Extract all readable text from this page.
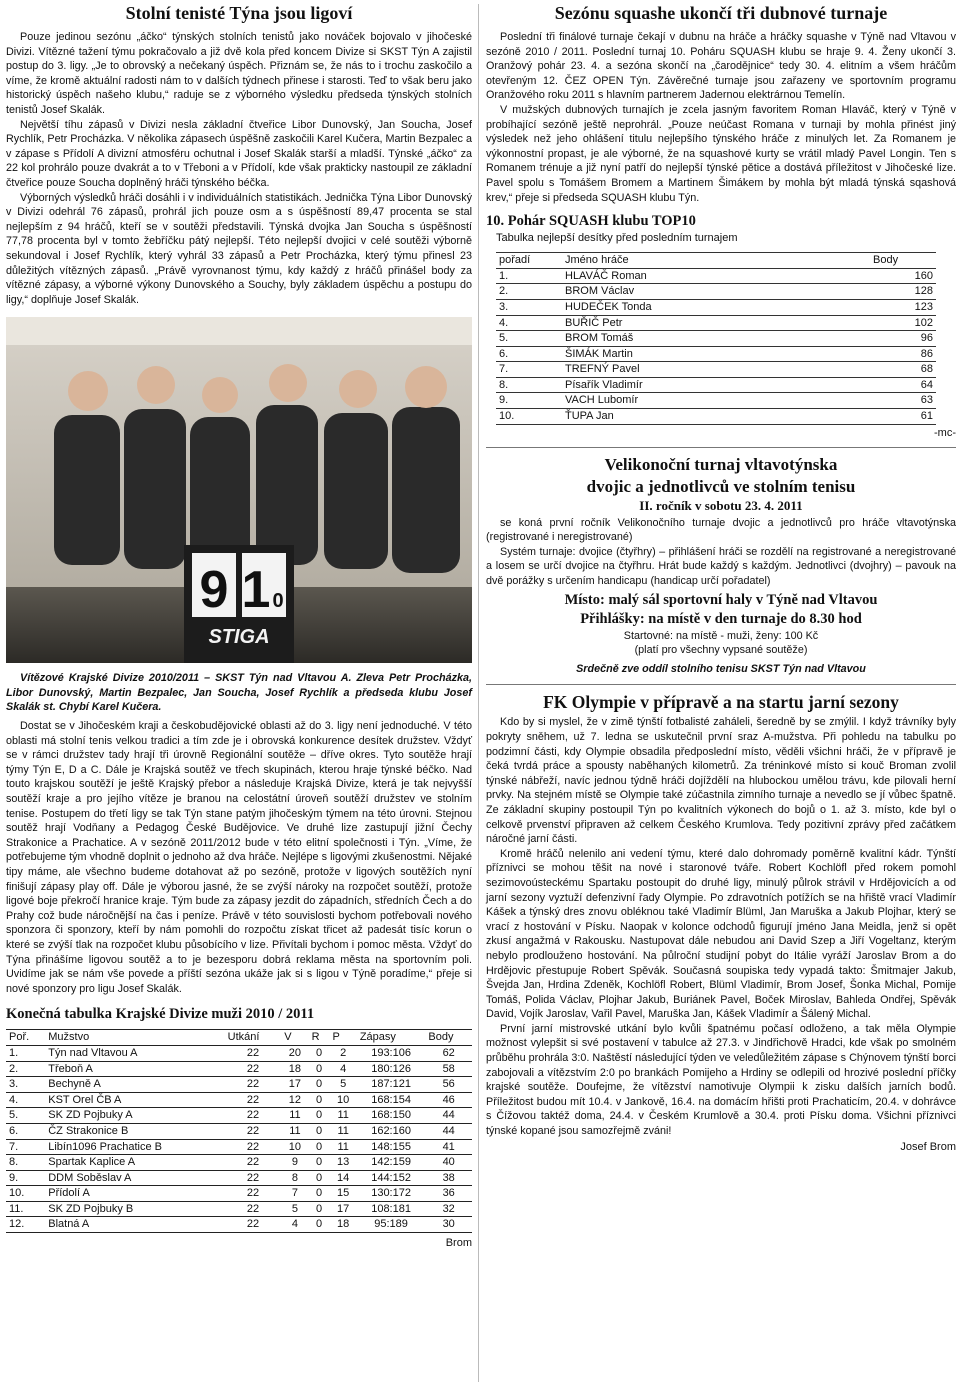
Stolní tenisté Týna jsou ligoví

Pouze jedinou sezónu „áčko“ týnských stolních tenistů jako nováček bojovalo v jihočeské Divizi. Vítězné tažení týmu pokračovalo a již dvě kola před koncem Divize si SKST Týn A zajistil postup do 3. ligy. „Je to obrovský a nečekaný úspěch. Přiznám se, že nás to i trochu zaskočilo a víme, že kromě aktuální radosti nám to v dalších týdnech přinese i starosti. Teď to však beru jako historický úspěch našeho klubu,“ raduje se z výborného výsledku předseda týnských stolních tenistů Josef Skalák.

Největší tíhu zápasů v Divizi nesla základní čtveřice Libor Dunovský, Jan Soucha, Josef Rychlík, Petr Procházka. V několika zápasech úspěšně zaskočili Karel Kučera, Martin Bezpalec a v zápase s Přídolí A divizní atmosféru ochutnal i Josef Skalák starší a mladší. Týnské „áčko“ za 22 kol prohrálo pouze dvakrát a to v Třeboni a v Přídolí, kde však prakticky nastoupil ze základní čtveřice pouze Soucha doplněný hráči týnského béčka.

Výborných výsledků hráči dosáhli i v individuálních statistikách. Jedničkа Týna Libor Dunovský v Divizi odehrál 76 zápasů, prohrál jich pouze osm a s úspěšností 89,47 procenta se stal nejlepším z 94 hráčů, kteří se v soutěži představili. Týnská dvojka Jan Soucha s úspěšností 77,78 procenta byl v tomto žebříčku pátý nejlepší. Této nejlepší dvojici v celé soutěži výborně sekundoval i Josef Rychlík, který vyhrál 33 zápasů a Petr Procházka, který týmu přinesl 23 důležitých vítězných zápasů. „Právě vyrovnanost týmu, kdy každý z hráčů přinášel body za vítězné zápasy, a výborné výkony Dunovského a Souchy, byly základem úspěchu a postupu do ligy,“ doplňuje Josef Skalák.

9 1 0
STIGA

Vítězové Krajské Divize 2010/2011 – SKST Týn nad Vltavou A. Zleva Petr Procházka, Libor Dunovský, Martin Bezpalec, Jan Soucha, Josef Rychlík a předseda klubu Josef Skalák st. Chybí Karel Kučera.

Dostat se v Jihočeském kraji a českobudějovické oblasti až do 3. ligy není jednoduché. V této oblasti má stolní tenis velkou tradici a tím zde je i obrovská konkurence desítek družstev. Vždyť se v rámci družstev tady hrají tři úrovně Regionální soutěže – dříve okres. Tyto soutěže hrají týmy Týn E, D a C. Dále je Krajská soutěž ve třech skupinách, kterou hraje týnské béčko. Nad touto krajskou soutěží je ještě Krajský přebor a následuje Krajská Divize, která je tak nejvyšší soutěží kraje a pro jejího vítěze je branou na celostátní úroveň soutěží družstev ve stolním tenise. Postupem do třetí ligy se tak Týn stane patým jihočeským týmem na této úrovni. Stejnou soutěž hrají Vodňany a Pedagog České Budějovice. Ve druhé lize zastupují jižní Čechy Strakonice a Prachatice. A v sezóně 2011/2012 bude v této elitní společnosti i Týn. „Víme, že potřebujeme tým vhodně doplnit o jednoho až dva hráče. Nejlépe s ligovými zkušenostmi. Nějaké tipy máme, ale všechno budeme dotahovat až po sezóně, protože v ligových soutěžích nyní finišují zápasy play off. Dále je výborou jasné, že se zvýší nároky na rozpočet soutěží, protože ligové boje překročí hranice kraje. Tým bude za zápasy jezdit do západních, středních Čech a do Prahy což bude náročnější na čas i peníze. Právě v této souvislosti bychom potřebovali nového sponzora či sponzory, kteří by nám pomohli do rozpočtu získat třicet až padesát tisíc korun o které se zvýší tlak na rozpočet klubu působícího v lize. Přivítali bychom i pomoc města. Vždyť do Týna přinášíme ligovou soutěž a to je bezesporu dobrá reklama města na sportovním poli. Uvidíme jak se nám vše povede a příští sezóna ukáže jak si s ligou v Týně poradíme,“ přeje si nové sponzory pro ligu Josef Skalák.

Konečná tabulka Krajské Divize muži 2010 / 2011
Poř.	Mužstvo	Utkání	V	R	P	Zápasy	Body
1.	Týn nad Vltavou A	22	20	0	2	193:106	62
2.	Třeboň A	22	18	0	4	180:126	58
3.	Bechyně A	22	17	0	5	187:121	56
4.	KST Orel ČB A	22	12	0	10	168:154	46
5.	SK ZD Pojbuky A	22	11	0	11	168:150	44
6.	ČZ Strakonice B	22	11	0	11	162:160	44
7.	Libín1096 Prachatice B	22	10	0	11	148:155	41
8.	Spartak Kaplice A	22	9	0	13	142:159	40
9.	DDM Soběslav A	22	8	0	14	144:152	38
10.	Přídolí A	22	7	0	15	130:172	36
11.	SK ZD Pojbuky B	22	5	0	17	108:181	32
12.	Blatná A	22	4	0	18	95:189	30
Brom
Sezónu squashe ukončí tři dubnové turnaje

Poslední tři finálové turnaje čekají v dubnu na hráče a hráčky squashe v Týně nad Vltavou v sezóně 2010 / 2011. Poslední turnaj 10. Poháru SQUASH klubu se hraje 9. 4. Ženy ukončí 3. Oranžový pohár 23. 4. a sezóna skončí na „čarodějnice“ tedy 30. 4. elitním a všem hráčům otevřeným 12. ČEZ OPEN Týn. Závěrečné turnaje jsou zařazeny ve sportovním programu Oranžového roku 2011 s hlavním partnerem Jadernou elektrárnou Temelín.

V mužských dubnových turnajích je zcela jasným favoritem Roman Hlaváč, který v Týně v probíhající sezóně ještě neprohrál. „Pouze neúčast Romana v turnaji by mohla přinést jiný výsledek než jeho ohlášení titulu nejlepšího týnského hráče z minulých let. Za Romanem je výkonnostní propast, je ale výborné, že na squashové kurty se vrátil mladý Pavel Longin. Ten s Romanem trénuje a již nyní patří do nejlepší týnské pětice a dostává příležitost v Jihočeské lize. Pavel spolu s Tomášem Bromem a Martinem Šimákem by mohla být mladá týnská sqashová krev,“ přeje si předseda SQUASH klubu Týn.

10. Pohár SQUASH klubu TOP10
Tabulka nejlepší desítky před posledním turnajem
pořadí	Jméno hráče	Body
1.	HLAVÁČ Roman	160
2.	BROM Václav	128
3.	HUDEČEK Tonda	123
4.	BUŘIČ Petr	102
5.	BROM Tomáš	96
6.	ŠIMÁK Martin	86
7.	TREFNÝ Pavel	68
8.	Písařík Vladimír	64
9.	VACH Lubomír	63
10.	ŤUPA Jan	61
-mc-
Velikonoční turnaj vltavotýnska
dvojic a jednotlivců ve stolním tenisu
II. ročník v sobotu 23. 4. 2011

se koná první ročník Velikonočního turnaje dvojic a jednotlivců pro hráče vltavotýnska (registrované i neregistrované)

Systém turnaje: dvojice (čtyřhry) – přihlášení hráči se rozdělí na registrované a neregistrované a losem se určí dvojice na čtyřhru. Hrát bude každý s každým. Jednotlivci (dvojhry) – pavouk na dvě porážky s určením handicapu (handicap určí pořadatel)

Místo: malý sál sportovní haly v Týně nad Vltavou
Přihlášky: na místě v den turnaje do 8.30 hod

Startovné: na místě - muži, ženy: 100 Kč

(platí pro všechny vypsané soutěže)

Srdečně zve oddíl stolního tenisu SKST Týn nad Vltavou

FK Olympie v přípravě a na startu jarní sezony

Kdo by si myslel, že v zimě týnští fotbalisté zaháleli, šeredně by se zmýlil. I když trávníky byly pokryty sněhem, už 7. ledna se uskutečnil první sraz A-mužstva. Při pohledu na tabulku po podzimní části, kdy Olympie obsadila předposlední místo, věděli všichni hráči, že v přípravě je čeká tvrdá práce a spousty naběhaných kilometrů. Za tréninkové místo si kouč Broman zvolil týnské nábřeží, navíc jednou týdně hráči dojíždělí na hlubockou umělou trávu, kde pilovali herní prvky. Na stejném místě se Olympie také zúčastnila zimního turnaje a nevedlo se jí vůbec špatně. Ze základní skupiny postoupil Týn po kvalitních výkonech do bojů o 1. až 3. místo, kde byl o celkově prvenství připraven až celkem Českého Krumlova. Tedy pozitivní zprávy před začátkem náročné jarní části.

Kromě hráčů nelenilo ani vedení týmu, které dalo dohromady poměrně kvalitní kádr. Týnští příznivci se mohou těšit na nové i staronové tváře. Robert Kochlöfl před rokem pomohl sezimovoústeckému Spartaku postoupit do druhé ligy, minulý půlrok strávil v Hrdějovicích a od jarní sezony vyztuží defenzivní řady Olympie. Po zdravotních potížích se na hřiště vrací Vladimír Kášek a týnský dres znovu obléknou také Vladimír Blüml, Jan Maruška a Jakub Plojhar, který se vrací z hostování v Písku. Naopak v kolonce odchodů figurují jméno Jana Meidla, jenž si opět zkusí angažmá v Rakousku. Nastupovat dále nebudou ani David Szep a Jiří Vogeltanz, kterým nebylo prodlouženo hostování. Na půlroční studijní pobyt do Itálie vyráží Jaroslav Brom a do Hrdějovic přestupuje Robert Spěvák. Současná soupiska tedy vypadá takto: Šmitmajer Jakub, Švejda Jan, Hrdina Zdeněk, Kochlöfl Robert, Blüml Vladimír, Brom Josef, Šonka Michal, Pomije Tomáš, Polida Václav, Plojhar Jakub, Buriánek Pavel, Boček Miroslav, Bahleda Ondřej, Spěvák David, Vojík Jaroslav, Vařil Pavel, Maruška Jan, Kášek Vladimír a Šálený Michal.

První jarní mistrovské utkání bylo kvůli špatnému počasí odloženo, a tak měla Olympie možnost vylepšit si své postavení v tabulce až 27.3. v Jindřichově Hradci, kde však po smolném průběhu prohrála 3:0. Naštěstí následující týden ve veledůležitém zápase s Chýnovem týnští borci zabojovali a vítězstvím 2:0 po brankách Pomijeho a Hrdiny se odlepili od hrozivé poslední příčky krajské soutěže. Doufejme, že vítězství namotivuje Olympii k zisku dalších jarních bodů. Příležitost budou mít 10.4. v Jankově, 16.4. na domácím hřišti proti Prachaticím, 20.4. v dohrávce s Čížovou taktéž doma, 24.4. v Českém Krumlově a 30.4. proti Písku doma. Všichni příznivci týnské kopané jsou samozřejmě zváni!

Josef Brom
